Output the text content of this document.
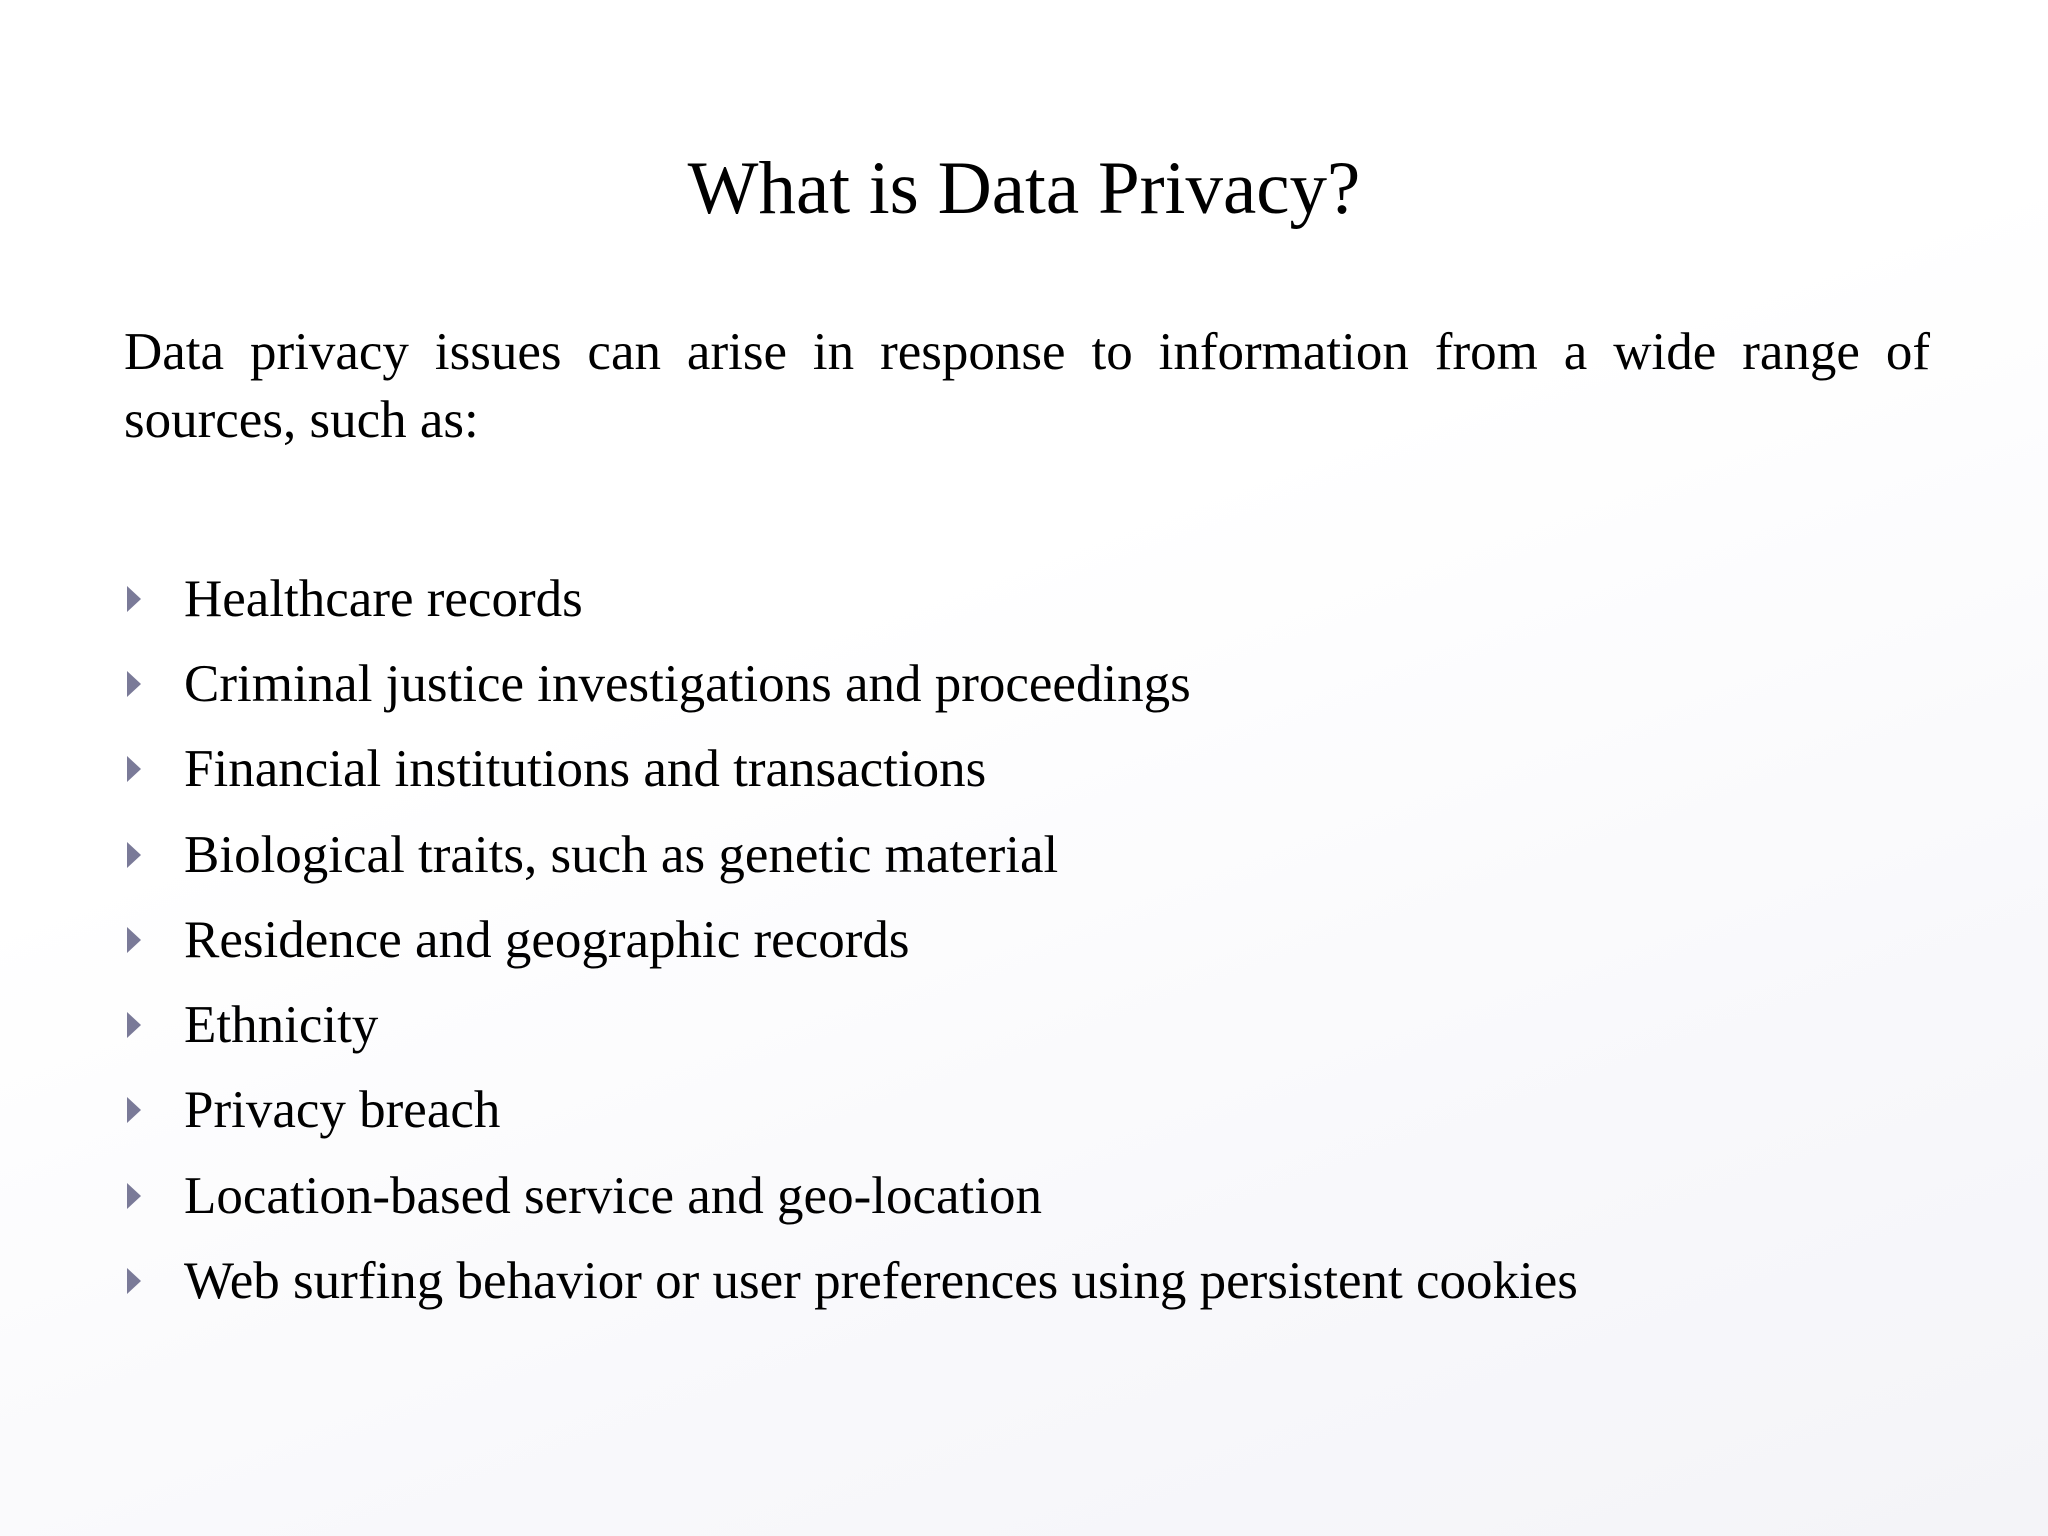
What is Data Privacy?

Data privacy issues can arise in response to information from a wide range of sources, such as:

Healthcare records
Criminal justice investigations and proceedings
Financial institutions and transactions
Biological traits, such as genetic material
Residence and geographic records
Ethnicity
Privacy breach
Location-based service and geo-location
Web surfing behavior or user preferences using persistent cookies
